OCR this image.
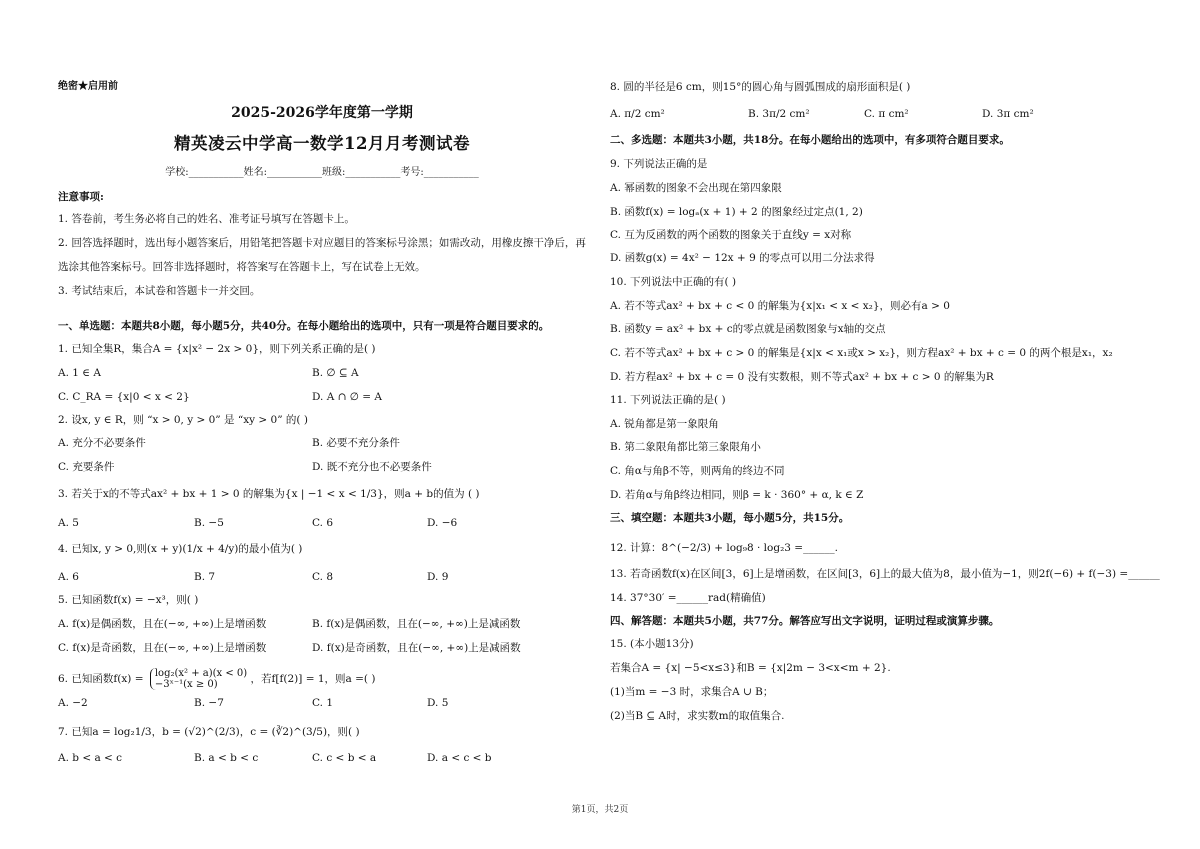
绝密★启用前
2025-2026学年度第一学期
精英凌云中学高一数学12月月考测试卷
学校:___________姓名:___________班级:___________考号:___________
注意事项:
1. 答卷前，考生务必将自己的姓名、准考证号填写在答题卡上。
2. 回答选择题时，选出每小题答案后，用铅笔把答题卡对应题目的答案标号涂黑；如需改动，用橡皮擦干净后，再
选涂其他答案标号。回答非选择题时，将答案写在答题卡上，写在试卷上无效。
3. 考试结束后，本试卷和答题卡一并交回。
一、单选题：本题共8小题，每小题5分，共40分。在每小题给出的选项中，只有一项是符合题目要求的。
1. 已知全集R，集合A = {x|x² − 2x > 0}，则下列关系正确的是( )
A. 1 ∈ A	B. ∅ ⊆ A
C. C_RA = {x|0 < x < 2}	D. A ∩ ∅ = A
2. 设x, y ∈ R，则 “x > 0, y > 0” 是 “xy > 0” 的( )
A. 充分不必要条件	B. 必要不充分条件
C. 充要条件	D. 既不充分也不必要条件
3. 若关于x的不等式ax² + bx + 1 > 0 的解集为{x | −1 < x < 1/3}，则a + b的值为 ( )
A. 5	B. −5	C. 6	D. −6
4. 已知x, y > 0,则(x + y)(1/x + 4/y)的最小值为( )
A. 6	B. 7	C. 8	D. 9
5. 已知函数f(x) = −x³，则( )
A. f(x)是偶函数，且在(−∞, +∞)上是增函数	B. f(x)是偶函数，且在(−∞, +∞)上是减函数
C. f(x)是奇函数，且在(−∞, +∞)上是增函数	D. f(x)是奇函数，且在(−∞, +∞)上是减函数
6. 已知函数f(x) = log₂(x² + a)(x < 0)
−3ˣ⁻¹(x ≥ 0)	，若f[f(2)] = 1，则a =( )
A. −2	B. −7	C. 1	D. 5
7. 已知a = log₂1/3，b = (√2)^(2/3)，c = (∛2)^(3/5)，则( )
A. b < a < c	B. a < b < c	C. c < b < a	D. a < c < b
8. 圆的半径是6 cm，则15°的圆心角与圆弧围成的扇形面积是( )
A. π/2 cm²	B. 3π/2 cm²	C. π cm²	D. 3π cm²
二、多选题：本题共3小题，共18分。在每小题给出的选项中，有多项符合题目要求。
9. 下列说法正确的是
A. 幂函数的图象不会出现在第四象限
B. 函数f(x) = logₐ(x + 1) + 2 的图象经过定点(1, 2)
C. 互为反函数的两个函数的图象关于直线y = x对称
D. 函数g(x) = 4x² − 12x + 9 的零点可以用二分法求得
10. 下列说法中正确的有( )
A. 若不等式ax² + bx + c < 0 的解集为{x|x₁ < x < x₂}，则必有a > 0
B. 函数y = ax² + bx + c的零点就是函数图象与x轴的交点
C. 若不等式ax² + bx + c > 0 的解集是{x|x < x₁或x > x₂}，则方程ax² + bx + c = 0 的两个根是x₁，x₂
D. 若方程ax² + bx + c = 0 没有实数根，则不等式ax² + bx + c > 0 的解集为R
11. 下列说法正确的是( )
A. 锐角都是第一象限角
B. 第二象限角都比第三象限角小
C. 角α与角β不等，则两角的终边不同
D. 若角α与角β终边相同，则β = k · 360° + α, k ∈ Z
三、填空题：本题共3小题，每小题5分，共15分。
12. 计算：8^(−2/3) + log₉8 · log₂3 =______.
13. 若奇函数f(x)在区间[3，6]上是增函数，在区间[3，6]上的最大值为8，最小值为−1，则2f(−6) + f(−3) =______
14. 37°30′ =______rad(精确值)
四、解答题：本题共5小题，共77分。解答应写出文字说明，证明过程或演算步骤。
15. (本小题13分)
若集合A = {x| −5<x≤3}和B = {x|2m − 3<x<m + 2}.
(1)当m = −3 时，求集合A ∪ B；
(2)当B ⊆ A时，求实数m的取值集合.
第1页，共2页
